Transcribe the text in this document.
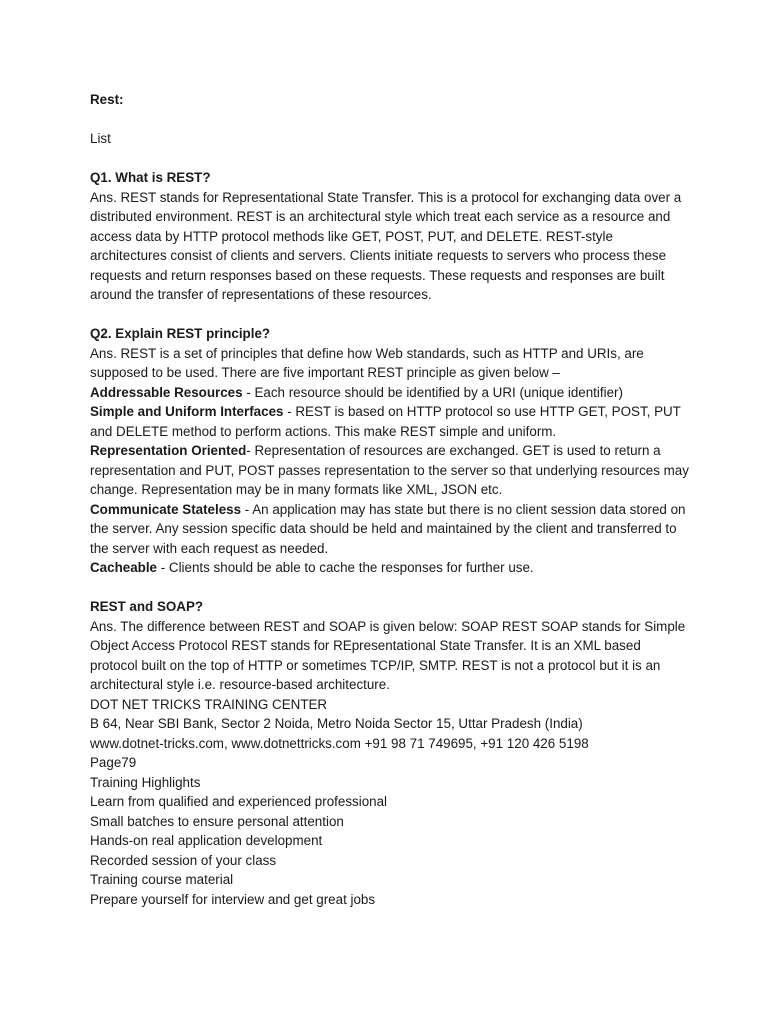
Rest:

List

Q1. What is REST?

Ans. REST stands for Representational State Transfer. This is a protocol for exchanging data over a distributed environment. REST is an architectural style which treat each service as a resource and access data by HTTP protocol methods like GET, POST, PUT, and DELETE. REST-style architectures consist of clients and servers. Clients initiate requests to servers who process these requests and return responses based on these requests. These requests and responses are built around the transfer of representations of these resources.

Q2. Explain REST principle?

Ans. REST is a set of principles that define how Web standards, such as HTTP and URIs, are supposed to be used. There are five important REST principle as given below –

Addressable Resources - Each resource should be identified by a URI (unique identifier)

Simple and Uniform Interfaces - REST is based on HTTP protocol so use HTTP GET, POST, PUT and DELETE method to perform actions. This make REST simple and uniform.

Representation Oriented- Representation of resources are exchanged. GET is used to return a representation and PUT, POST passes representation to the server so that underlying resources may change. Representation may be in many formats like XML, JSON etc.

Communicate Stateless - An application may has state but there is no client session data stored on the server. Any session specific data should be held and maintained by the client and transferred to the server with each request as needed.

Cacheable - Clients should be able to cache the responses for further use.

REST and SOAP?

Ans. The difference between REST and SOAP is given below: SOAP REST SOAP stands for Simple Object Access Protocol REST stands for REpresentational State Transfer. It is an XML based protocol built on the top of HTTP or sometimes TCP/IP, SMTP. REST is not a protocol but it is an architectural style i.e. resource-based architecture.

DOT NET TRICKS TRAINING CENTER

B 64, Near SBI Bank, Sector 2 Noida, Metro Noida Sector 15, Uttar Pradesh (India)

www.dotnet-tricks.com, www.dotnettricks.com +91 98 71 749695, +91 120 426 5198

Page79

Training Highlights

Learn from qualified and experienced professional

Small batches to ensure personal attention

Hands-on real application development

Recorded session of your class

Training course material

Prepare yourself for interview and get great jobs
